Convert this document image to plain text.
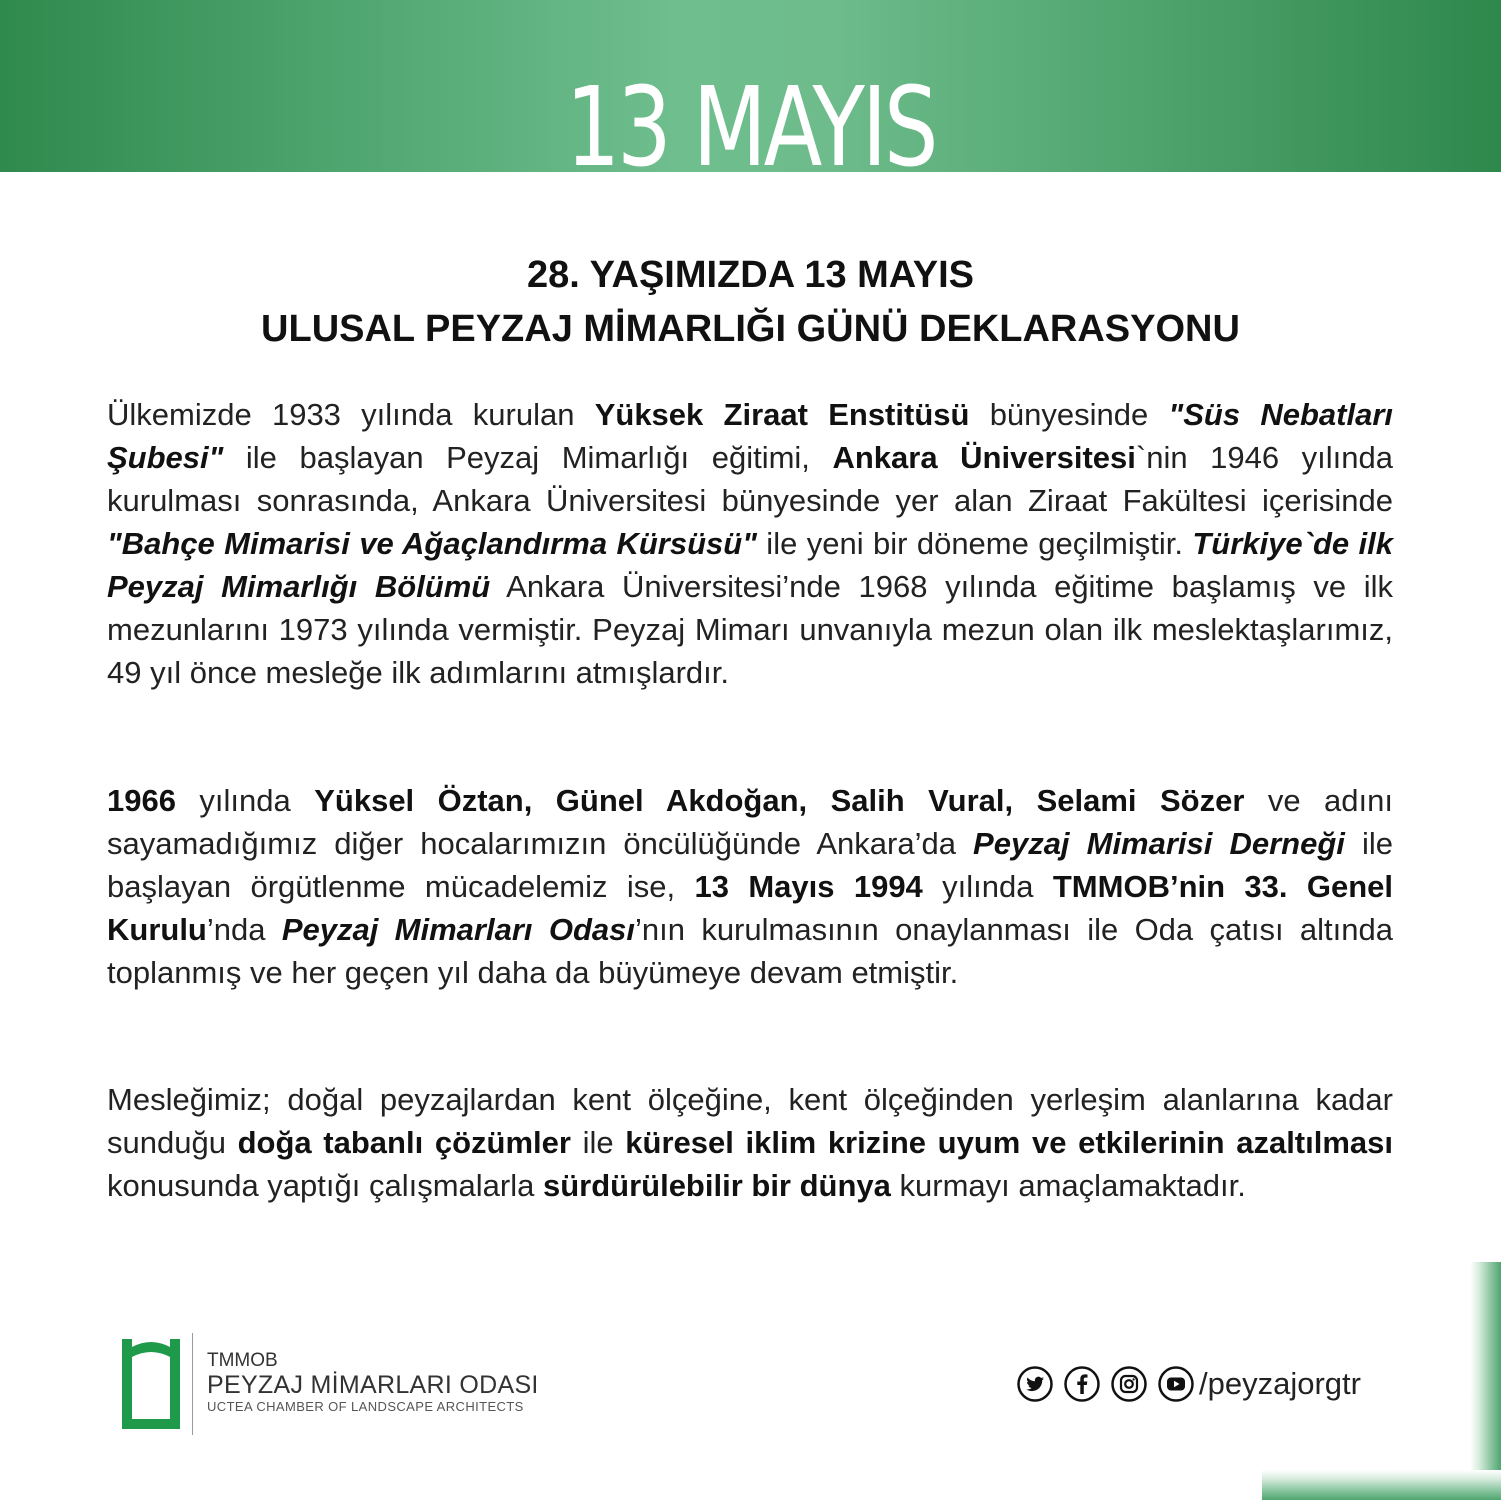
13 MAYIS
28. YAŞIMIZDA 13 MAYIS
ULUSAL PEYZAJ MİMARLIĞI GÜNÜ DEKLARASYONU

Ülkemizde 1933 yılında kurulan Yüksek Ziraat Enstitüsü bünyesinde "Süs Nebatları Şubesi" ile başlayan Peyzaj Mimarlığı eğitimi, Ankara Üniversitesi`nin 1946 yılında kurulması sonrasında, Ankara Üniversitesi bünyesinde yer alan Ziraat Fakültesi içerisinde "Bahçe Mimarisi ve Ağaçlandırma Kürsüsü" ile yeni bir döneme geçilmiştir. Türkiye`de ilk Peyzaj Mimarlığı Bölümü Ankara Üniversitesi’nde 1968 yılında eğitime başlamış ve ilk mezunlarını 1973 yılında vermiştir. Peyzaj Mimarı unvanıyla mezun olan ilk meslektaşlarımız, 49 yıl önce mesleğe ilk adımlarını atmışlardır.

1966 yılında Yüksel Öztan, Günel Akdoğan, Salih Vural, Selami Sözer ve adını sayamadığımız diğer hocalarımızın öncülüğünde Ankara’da Peyzaj Mimarisi Derneği ile başlayan örgütlenme mücadelemiz ise, 13 Mayıs 1994 yılında TMMOB’nin 33. Genel Kurulu’nda Peyzaj Mimarları Odası’nın kurulmasının onaylanması ile Oda çatısı altında toplanmış ve her geçen yıl daha da büyümeye devam etmiştir.

Mesleğimiz; doğal peyzajlardan kent ölçeğine, kent ölçeğinden yerleşim alanlarına kadar sunduğu doğa tabanlı çözümler ile küresel iklim krizine uyum ve etkilerinin azaltılması konusunda yaptığı çalışmalarla sürdürülebilir bir dünya kurmayı amaçlamaktadır.

TMMOB
PEYZAJ MİMARLARI ODASI
UCTEA CHAMBER OF LANDSCAPE ARCHITECTS
/peyzajorgtr
